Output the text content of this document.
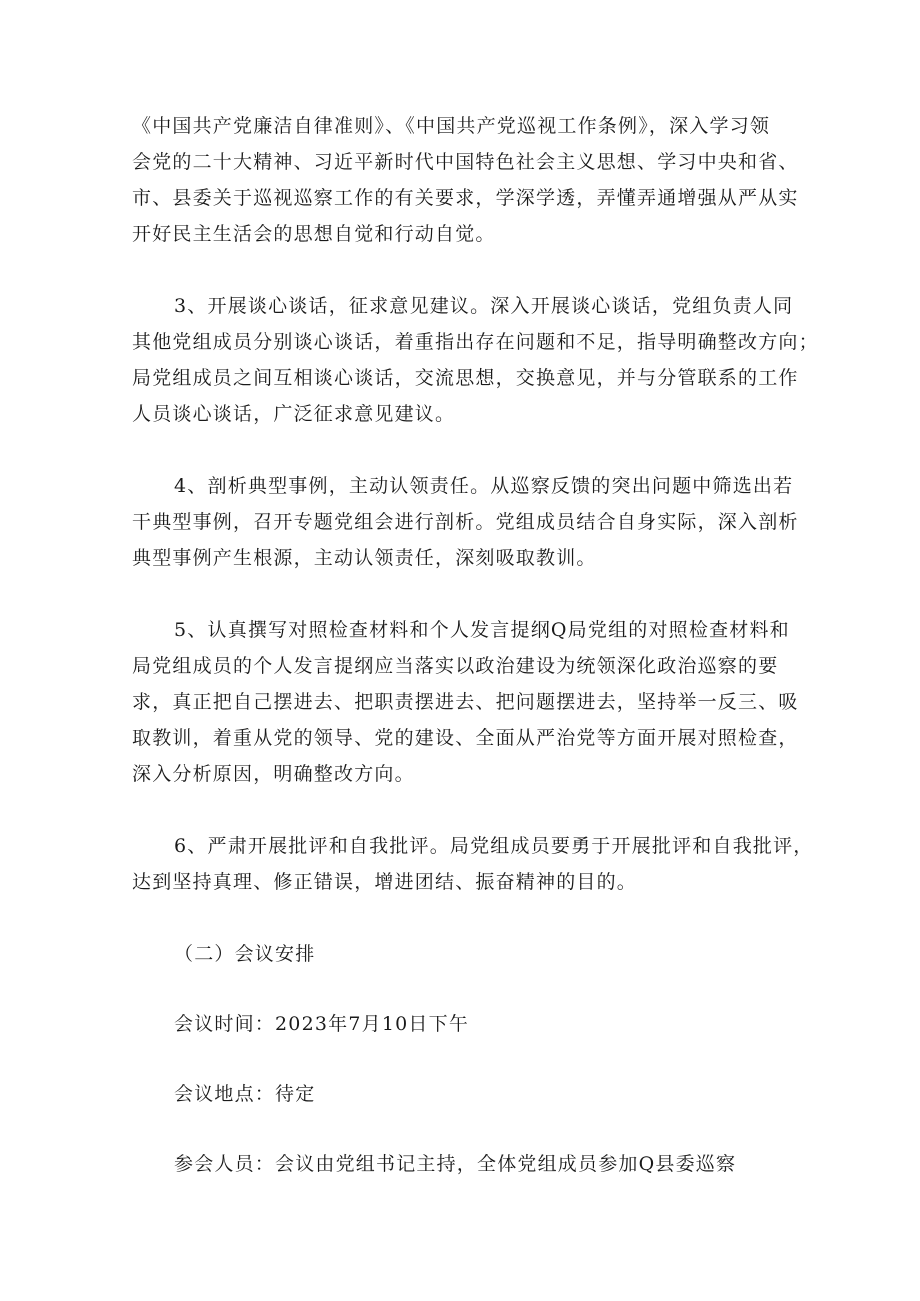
《中国共产党廉洁自律准则》、《中国共产党巡视工作条例》，深入学习领
会党的二十大精神、习近平新时代中国特色社会主义思想、学习中央和省、
市、县委关于巡视巡察工作的有关要求，学深学透，弄懂弄通增强从严从实
开好民主生活会的思想自觉和行动自觉。

3、开展谈心谈话，征求意见建议。深入开展谈心谈话，党组负责人同
其他党组成员分别谈心谈话，着重指出存在问题和不足，指导明确整改方向；
局党组成员之间互相谈心谈话，交流思想，交换意见，并与分管联系的工作
人员谈心谈话，广泛征求意见建议。

4、剖析典型事例，主动认领责任。从巡察反馈的突出问题中筛选出若
干典型事例，召开专题党组会进行剖析。党组成员结合自身实际，深入剖析
典型事例产生根源，主动认领责任，深刻吸取教训。

5、认真撰写对照检查材料和个人发言提纲Q局党组的对照检查材料和
局党组成员的个人发言提纲应当落实以政治建设为统领深化政治巡察的要
求，真正把自己摆进去、把职责摆进去、把问题摆进去，坚持举一反三、吸
取教训，着重从党的领导、党的建设、全面从严治党等方面开展对照检查，
深入分析原因，明确整改方向。

6、严肃开展批评和自我批评。局党组成员要勇于开展批评和自我批评，
达到坚持真理、修正错误，增进团结、振奋精神的目的。

（二）会议安排

会议时间：2023年7月10日下午

会议地点：待定

参会人员：会议由党组书记主持，全体党组成员参加Q县委巡察
